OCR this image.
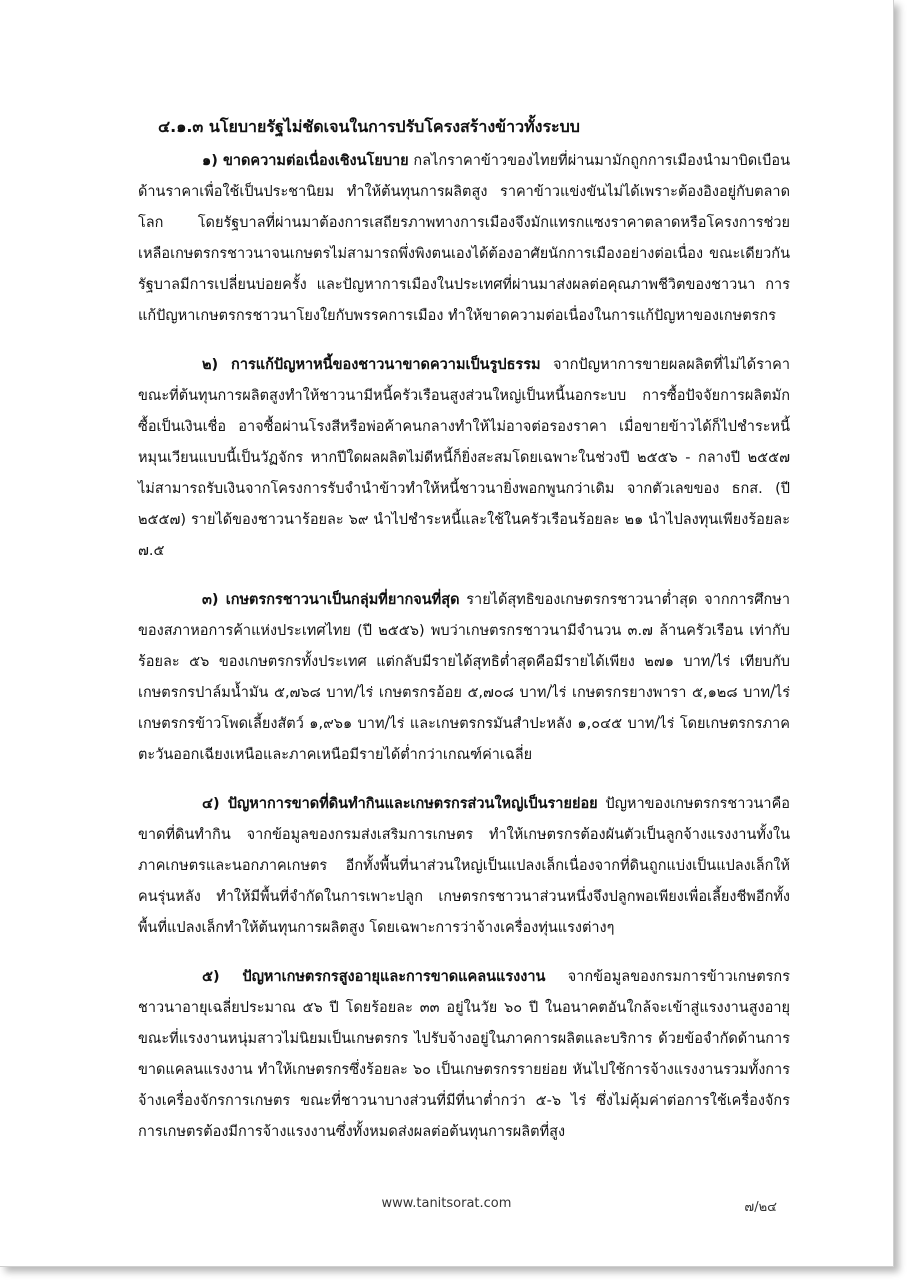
๔.๑.๓ นโยบายรัฐไม่ชัดเจนในการปรับโครงสร้างข้าวทั้งระบบ

๑) ขาดความต่อเนื่องเชิงนโยบาย กลไกราคาข้าวของไทยที่ผ่านมามักถูกการเมืองนำมาบิดเบือนด้านราคาเพื่อใช้เป็นประชานิยม ทำให้ต้นทุนการผลิตสูง ราคาข้าวแข่งขันไม่ได้เพราะต้องอิงอยู่กับตลาดโลก โดยรัฐบาลที่ผ่านมาต้องการเสถียรภาพทางการเมืองจึงมักแทรกแซงราคาตลาดหรือโครงการช่วยเหลือเกษตรกรชาวนาจนเกษตรไม่สามารถพึ่งพิงตนเองได้ต้องอาศัยนักการเมืองอย่างต่อเนื่อง ขณะเดียวกันรัฐบาลมีการเปลี่ยนบ่อยครั้ง และปัญหาการเมืองในประเทศที่ผ่านมาส่งผลต่อคุณภาพชีวิตของชาวนา การแก้ปัญหาเกษตรกรชาวนาโยงใยกับพรรคการเมือง ทำให้ขาดความต่อเนื่องในการแก้ปัญหาของเกษตรกร

๒) การแก้ปัญหาหนี้ของชาวนาขาดความเป็นรูปธรรม จากปัญหาการขายผลผลิตที่ไม่ได้ราคาขณะที่ต้นทุนการผลิตสูงทำให้ชาวนามีหนี้ครัวเรือนสูงส่วนใหญ่เป็นหนี้นอกระบบ การซื้อปัจจัยการผลิตมักซื้อเป็นเงินเชื่อ อาจซื้อผ่านโรงสีหรือพ่อค้าคนกลางทำให้ไม่อาจต่อรองราคา เมื่อขายข้าวได้ก็ไปชำระหนี้หมุนเวียนแบบนี้เป็นวัฏจักร หากปีใดผลผลิตไม่ดีหนี้ก็ยิ่งสะสมโดยเฉพาะในช่วงปี ๒๕๕๖ - กลางปี ๒๕๕๗ ไม่สามารถรับเงินจากโครงการรับจำนำข้าวทำให้หนี้ชาวนายิ่งพอกพูนกว่าเดิม จากตัวเลขของ ธกส. (ปี ๒๕๕๗) รายได้ของชาวนาร้อยละ ๖๙ นำไปชำระหนี้และใช้ในครัวเรือนร้อยละ ๒๑ นำไปลงทุนเพียงร้อยละ ๗.๕

๓) เกษตรกรชาวนาเป็นกลุ่มที่ยากจนที่สุด รายได้สุทธิของเกษตรกรชาวนาต่ำสุด จากการศึกษาของสภาหอการค้าแห่งประเทศไทย (ปี ๒๕๕๖) พบว่าเกษตรกรชาวนามีจำนวน ๓.๗ ล้านครัวเรือน เท่ากับร้อยละ ๕๖ ของเกษตรกรทั้งประเทศ แต่กลับมีรายได้สุทธิต่ำสุดคือมีรายได้เพียง ๒๗๑ บาท/ไร่ เทียบกับเกษตรกรปาล์มน้ำมัน ๕,๗๖๘ บาท/ไร่ เกษตรกรอ้อย ๕,๗๐๘ บาท/ไร่ เกษตรกรยางพารา ๕,๑๒๘ บาท/ไร่ เกษตรกรข้าวโพดเลี้ยงสัตว์ ๑,๙๖๑ บาท/ไร่ และเกษตรกรมันสำปะหลัง ๑,๐๔๕ บาท/ไร่ โดยเกษตรกรภาคตะวันออกเฉียงเหนือและภาคเหนือมีรายได้ต่ำกว่าเกณฑ์ค่าเฉลี่ย

๔) ปัญหาการขาดที่ดินทำกินและเกษตรกรส่วนใหญ่เป็นรายย่อย ปัญหาของเกษตรกรชาวนาคือขาดที่ดินทำกิน จากข้อมูลของกรมส่งเสริมการเกษตร ทำให้เกษตรกรต้องผันตัวเป็นลูกจ้างแรงงานทั้งในภาคเกษตรและนอกภาคเกษตร อีกทั้งพื้นที่นาส่วนใหญ่เป็นแปลงเล็กเนื่องจากที่ดินถูกแบ่งเป็นแปลงเล็กให้คนรุ่นหลัง ทำให้มีพื้นที่จำกัดในการเพาะปลูก เกษตรกรชาวนาส่วนหนึ่งจึงปลูกพอเพียงเพื่อเลี้ยงชีพอีกทั้งพื้นที่แปลงเล็กทำให้ต้นทุนการผลิตสูง โดยเฉพาะการว่าจ้างเครื่องทุ่นแรงต่างๆ

๕) ปัญหาเกษตรกรสูงอายุและการขาดแคลนแรงงาน จากข้อมูลของกรมการข้าวเกษตรกรชาวนาอายุเฉลี่ยประมาณ ๕๖ ปี โดยร้อยละ ๓๓ อยู่ในวัย ๖๐ ปี ในอนาคตอันใกล้จะเข้าสู่แรงงานสูงอายุ ขณะที่แรงงานหนุ่มสาวไม่นิยมเป็นเกษตรกร ไปรับจ้างอยู่ในภาคการผลิตและบริการ ด้วยข้อจำกัดด้านการขาดแคลนแรงงาน ทำให้เกษตรกรซึ่งร้อยละ ๖๐ เป็นเกษตรกรรายย่อย หันไปใช้การจ้างแรงงานรวมทั้งการจ้างเครื่องจักรการเกษตร ขณะที่ชาวนาบางส่วนที่มีที่นาต่ำกว่า ๕-๖ ไร่ ซึ่งไม่คุ้มค่าต่อการใช้เครื่องจักรการเกษตรต้องมีการจ้างแรงงานซึ่งทั้งหมดส่งผลต่อต้นทุนการผลิตที่สูง

www.tanitsorat.com	๗/๒๔
